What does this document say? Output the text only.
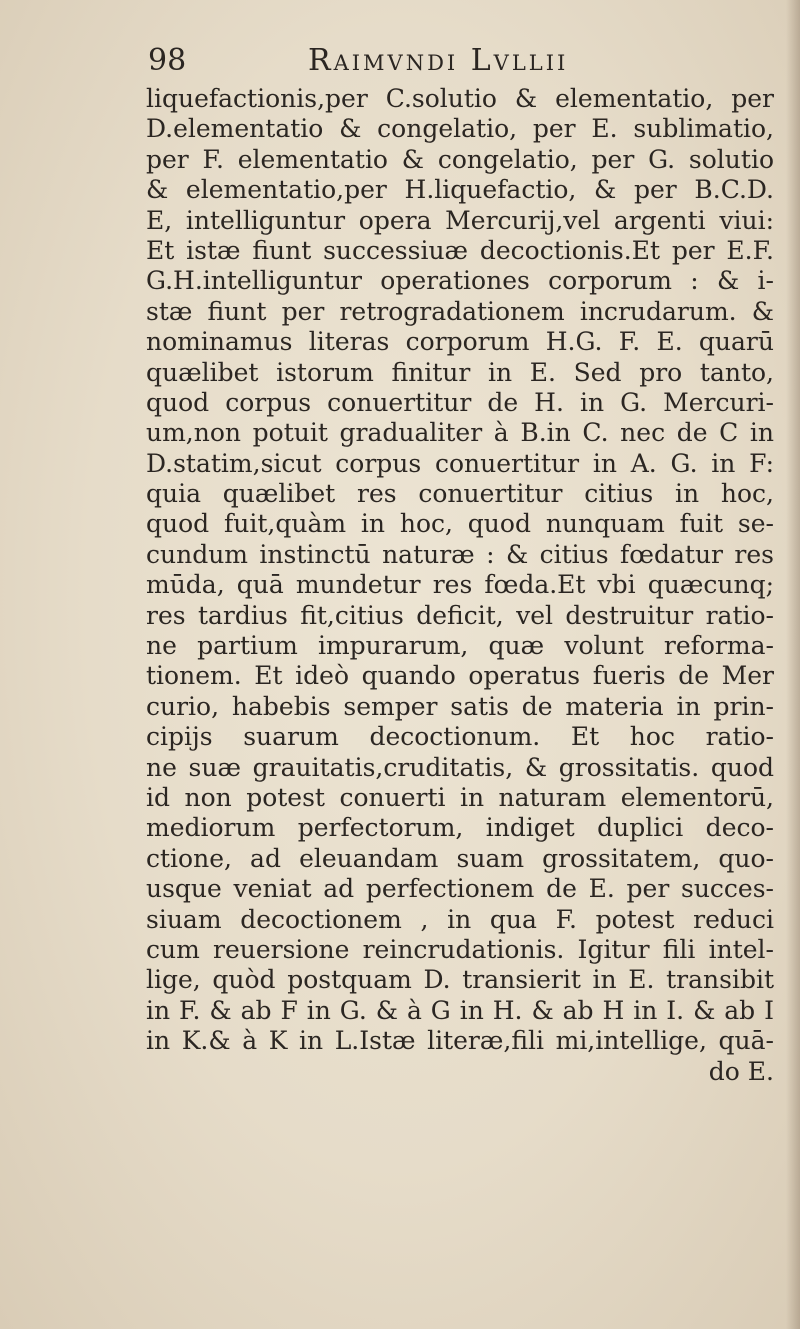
98	Raimvndi Lvllii
liquefactionis,per C.solutio & elementatio, per
D.elementatio & congelatio, per E. sublimatio,
per F. elementatio & congelatio, per G. solutio
& elementatio,per H.liquefactio, & per B.C.D.
E, intelliguntur opera Mercurij,vel argenti viui:
Et istæ fiunt successiuæ decoctionis.Et per E.F.
G.H.intelliguntur operationes corporum : & i-
stæ fiunt per retrogradationem incrudarum. &
nominamus literas corporum H.G. F. E. quarū
quælibet istorum finitur in E. Sed pro tanto,
quod corpus conuertitur de H. in G. Mercuri-
um,non potuit gradualiter à B.in C. nec de C in
D.statim,sicut corpus conuertitur in A. G. in F:
quia quælibet res conuertitur citius in hoc,
quod fuit,quàm in hoc, quod nunquam fuit se-
cundum instinctū naturæ : & citius fœdatur res
mūda, quā mundetur res fœda.Et vbi quæcunq;
res tardius fit,citius deficit, vel destruitur ratio-
ne partium impurarum, quæ volunt reforma-
tionem. Et ideò quando operatus fueris de Mer
curio, habebis semper satis de materia in prin-
cipijs suarum decoctionum. Et hoc ratio-
ne suæ grauitatis,cruditatis, & grossitatis. quod
id non potest conuerti in naturam elementorū,
mediorum perfectorum, indiget duplici deco-
ctione, ad eleuandam suam grossitatem, quo-
usque veniat ad perfectionem de E. per succes-
siuam decoctionem , in qua F. potest reduci
cum reuersione reincrudationis. Igitur fili intel-
lige, quòd postquam D. transierit in E. transibit
in F. & ab F in G. & à G in H. & ab H in I. & ab I
in K.& à K in L.Istæ literæ,fili mi,intellige, quā-
do E.
